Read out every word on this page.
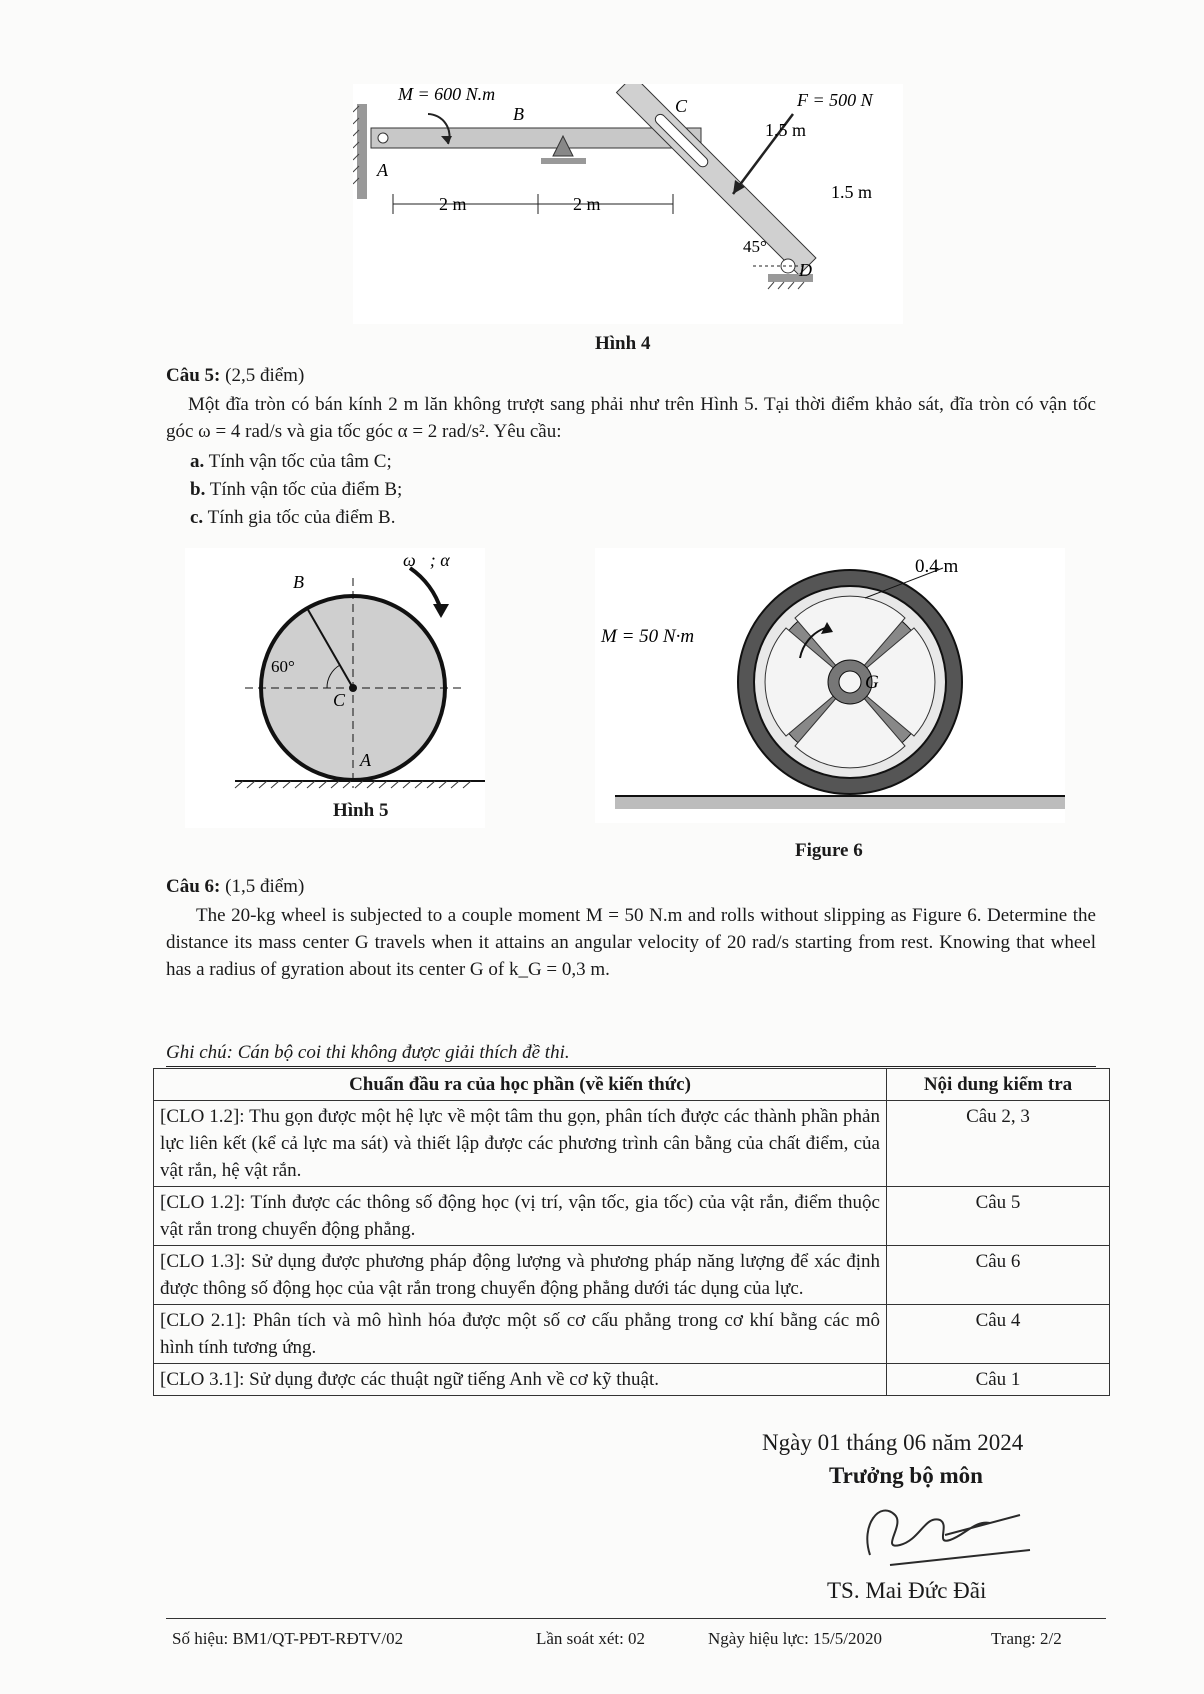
M = 600 N.m
B
A
2 m	2 m
C	F = 500 N
1.5 m
1.5 m
45°
D
Hình 4
Câu 5: (2,5 điểm)
Một đĩa tròn có bán kính 2 m lăn không trượt sang phải như trên Hình 5. Tại thời điểm khảo sát, đĩa tròn có vận tốc góc ω = 4 rad/s và gia tốc góc α = 2 rad/s². Yêu cầu:
a. Tính vận tốc của tâm C;
b. Tính vận tốc của điểm B;
c. Tính gia tốc của điểm B.
ω⃗; α⃗
B
60°
C
A
Hình 5
0.4 m
M = 50 N·m
G
Figure 6
Câu 6: (1,5 điểm)
The 20-kg wheel is subjected to a couple moment M = 50 N.m and rolls without slipping as Figure 6. Determine the distance its mass center G travels when it attains an angular velocity of 20 rad/s starting from rest. Knowing that wheel has a radius of gyration about its center G of k_G = 0,3 m.
Ghi chú: Cán bộ coi thi không được giải thích đề thi.
Chuẩn đầu ra của học phần (về kiến thức)	Nội dung kiểm tra
[CLO 1.2]: Thu gọn được một hệ lực về một tâm thu gọn, phân tích được các thành phần phản lực liên kết (kể cả lực ma sát) và thiết lập được các phương trình cân bằng của chất điểm, của vật rắn, hệ vật rắn.	Câu 2, 3
[CLO 1.2]: Tính được các thông số động học (vị trí, vận tốc, gia tốc) của vật rắn, điểm thuộc vật rắn trong chuyển động phẳng.	Câu 5
[CLO 1.3]: Sử dụng được phương pháp động lượng và phương pháp năng lượng để xác định được thông số động học của vật rắn trong chuyển động phẳng dưới tác dụng của lực.	Câu 6
[CLO 2.1]: Phân tích và mô hình hóa được một số cơ cấu phẳng trong cơ khí bằng các mô hình tính tương ứng.	Câu 4
[CLO 3.1]: Sử dụng được các thuật ngữ tiếng Anh về cơ kỹ thuật.	Câu 1
Ngày 01 tháng 06 năm 2024
Trưởng bộ môn
TS. Mai Đức Đãi
Số hiệu: BM1/QT-PĐT-RĐTV/02	Lần soát xét: 02	Ngày hiệu lực: 15/5/2020	Trang: 2/2
